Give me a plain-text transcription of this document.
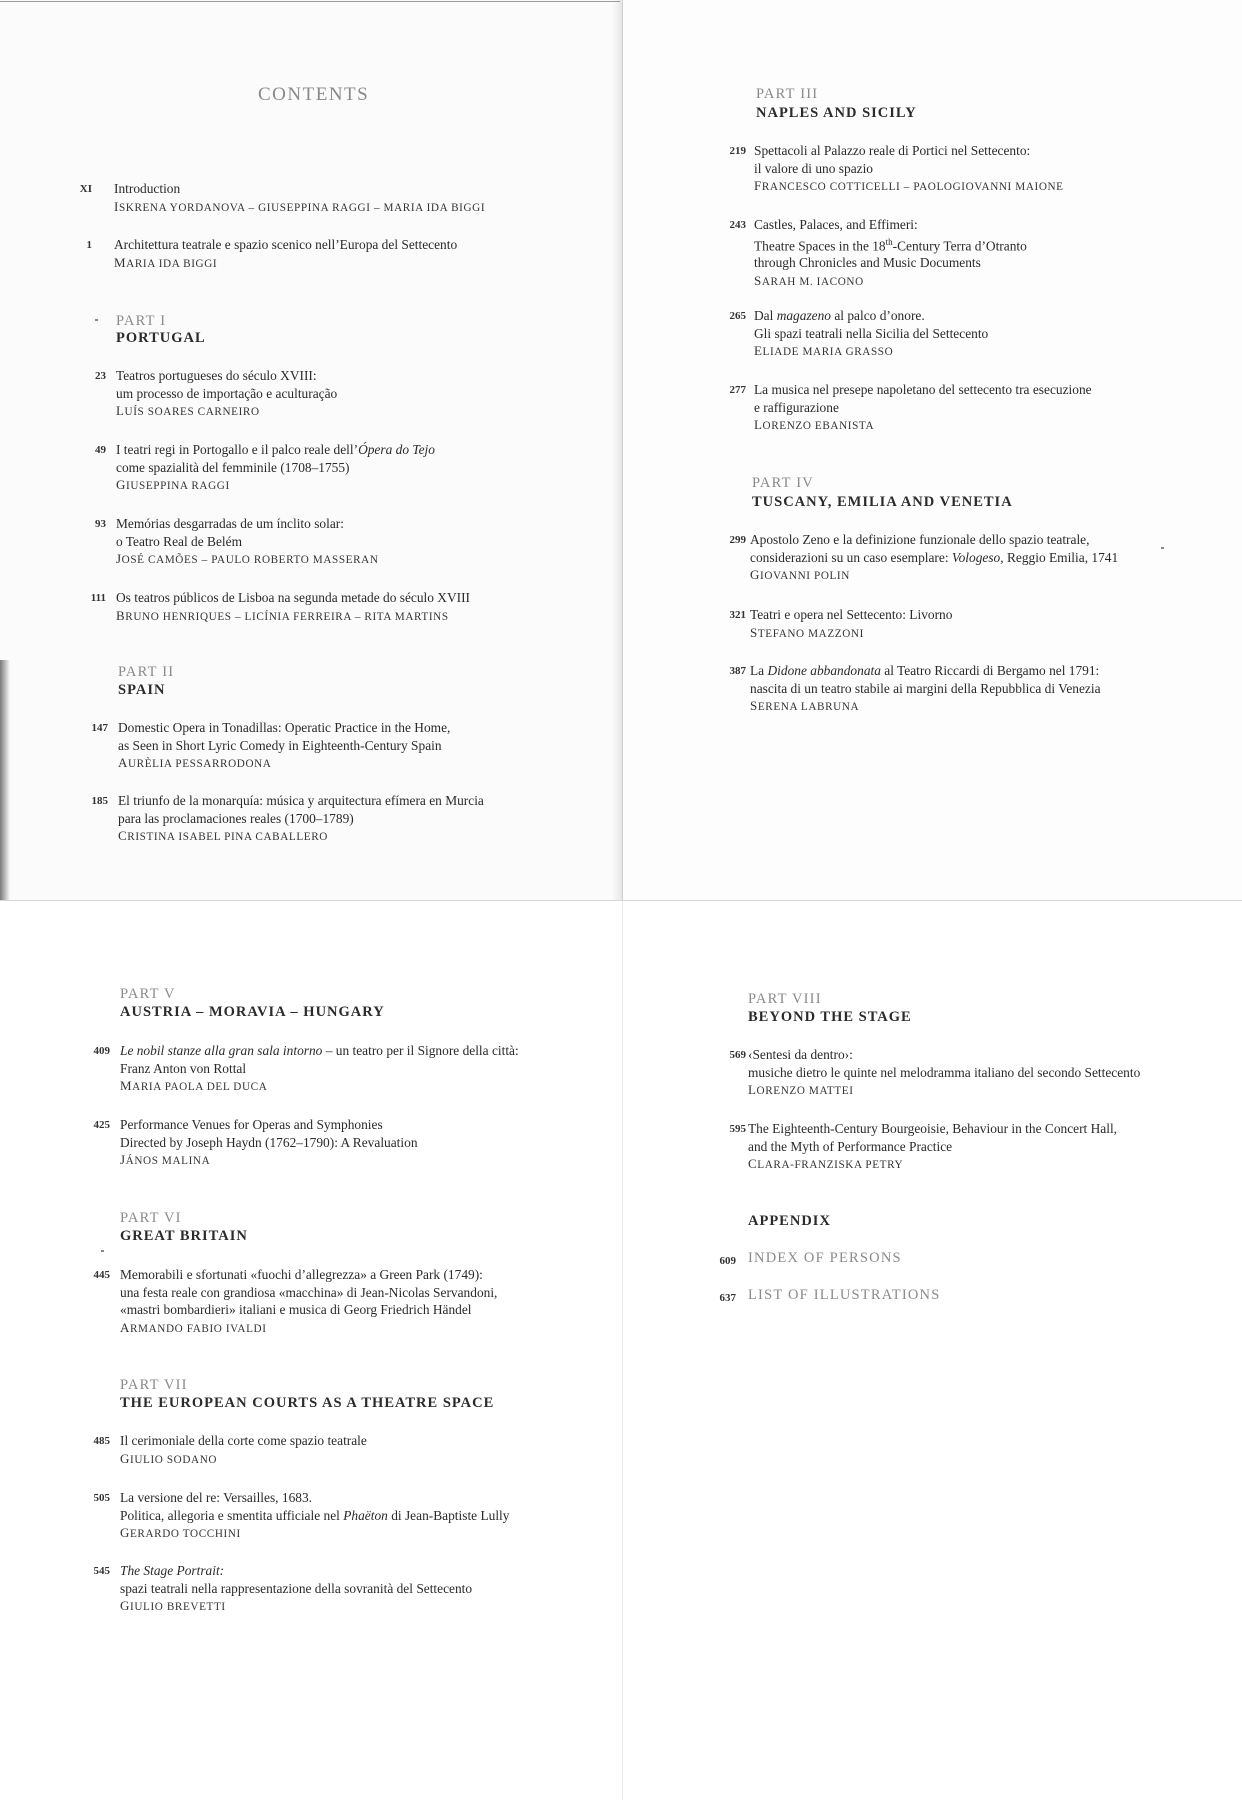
CONTENTS
XI Introduction
ISKRENA YORDANOVA – GIUSEPPINA RAGGI – MARIA IDA BIGGI
1 Architettura teatrale e spazio scenico nell’Europa del Settecento
MARIA IDA BIGGI
PART I
PORTUGAL
23 Teatros portugueses do século XVIII:
um processo de importação e aculturação
LUÍS SOARES CARNEIRO
49 I teatri regi in Portogallo e il palco reale dell’Ópera do Tejo
come spazialità del femminile (1708–1755)
GIUSEPPINA RAGGI
93 Memórias desgarradas de um ínclito solar:
o Teatro Real de Belém
JOSÉ CAMÕES – PAULO ROBERTO MASSERAN
111 Os teatros públicos de Lisboa na segunda metade do século XVIII
BRUNO HENRIQUES – LICÍNIA FERREIRA – RITA MARTINS
PART II
SPAIN
147 Domestic Opera in Tonadillas: Operatic Practice in the Home,
as Seen in Short Lyric Comedy in Eighteenth-Century Spain
AURÈLIA PESSARRODONA
185 El triunfo de la monarquía: música y arquitectura efímera en Murcia
para las proclamaciones reales (1700–1789)
CRISTINA ISABEL PINA CABALLERO
PART III
NAPLES AND SICILY
219 Spettacoli al Palazzo reale di Portici nel Settecento:
il valore di uno spazio
FRANCESCO COTTICELLI – PAOLOGIOVANNI MAIONE
243 Castles, Palaces, and Effimeri:
Theatre Spaces in the 18th-Century Terra d’Otranto
through Chronicles and Music Documents
SARAH M. IACONO
265 Dal magazeno al palco d’onore.
Gli spazi teatrali nella Sicilia del Settecento
ELIADE MARIA GRASSO
277 La musica nel presepe napoletano del settecento tra esecuzione
e raffigurazione
LORENZO EBANISTA
PART IV
TUSCANY, EMILIA AND VENETIA
299 Apostolo Zeno e la definizione funzionale dello spazio teatrale,
considerazioni su un caso esemplare: Vologeso, Reggio Emilia, 1741
GIOVANNI POLIN
321 Teatri e opera nel Settecento: Livorno
STEFANO MAZZONI
387 La Didone abbandonata al Teatro Riccardi di Bergamo nel 1791:
nascita di un teatro stabile ai margini della Repubblica di Venezia
SERENA LABRUNA
PART V
AUSTRIA – MORAVIA – HUNGARY
409 Le nobil stanze alla gran sala intorno – un teatro per il Signore della città:
Franz Anton von Rottal
MARIA PAOLA DEL DUCA
425 Performance Venues for Operas and Symphonies
Directed by Joseph Haydn (1762–1790): A Revaluation
JÁNOS MALINA
PART VI
GREAT BRITAIN
445 Memorabili e sfortunati «fuochi d’allegrezza» a Green Park (1749):
una festa reale con grandiosa «macchina» di Jean-Nicolas Servandoni,
«mastri bombardieri» italiani e musica di Georg Friedrich Händel
ARMANDO FABIO IVALDI
PART VII
THE EUROPEAN COURTS AS A THEATRE SPACE
485 Il cerimoniale della corte come spazio teatrale
GIULIO SODANO
505 La versione del re: Versailles, 1683.
Politica, allegoria e smentita ufficiale nel Phaëton di Jean-Baptiste Lully
GERARDO TOCCHINI
545 The Stage Portrait:
spazi teatrali nella rappresentazione della sovranità del Settecento
GIULIO BREVETTI
PART VIII
BEYOND THE STAGE
569 ‹Sentesi da dentro›:
musiche dietro le quinte nel melodramma italiano del secondo Settecento
LORENZO MATTEI
595 The Eighteenth-Century Bourgeoisie, Behaviour in the Concert Hall,
and the Myth of Performance Practice
CLARA-FRANZISKA PETRY
APPENDIX
609 INDEX OF PERSONS
637 LIST OF ILLUSTRATIONS
